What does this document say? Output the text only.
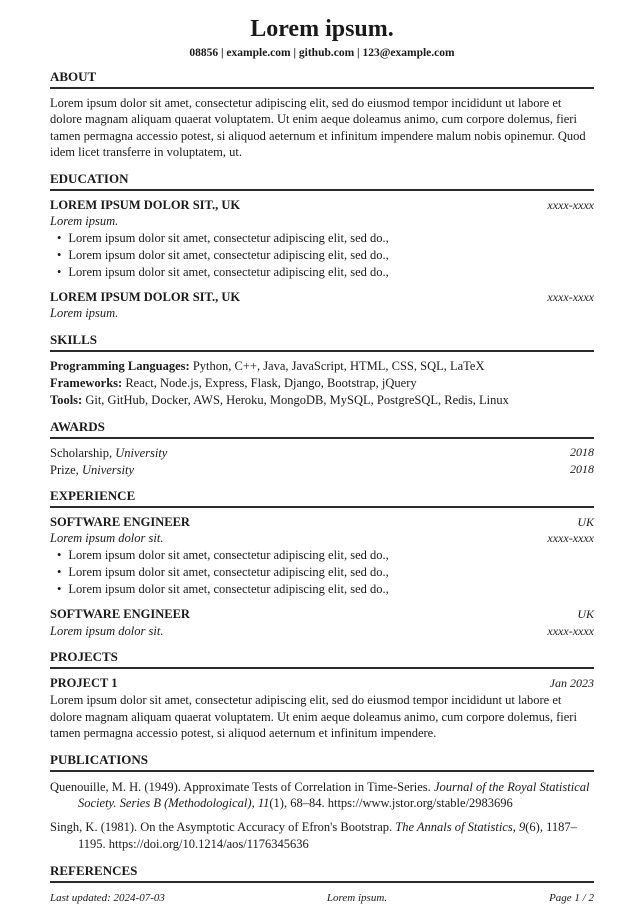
Lorem ipsum.
08856 | example.com | github.com | 123@example.com
ABOUT

Lorem ipsum dolor sit amet, consectetur adipiscing elit, sed do eiusmod tempor incididunt ut labore et dolore magnam aliquam quaerat voluptatem. Ut enim aeque doleamus animo, cum corpore dolemus, fieri tamen permagna accessio potest, si aliquod aeternum et infinitum impendere malum nobis opinemur. Quod idem licet transferre in voluptatem, ut.

EDUCATION
LOREM IPSUM DOLOR SIT., UK	xxxx-xxxx
Lorem ipsum.
• Lorem ipsum dolor sit amet, consectetur adipiscing elit, sed do.,
• Lorem ipsum dolor sit amet, consectetur adipiscing elit, sed do.,
• Lorem ipsum dolor sit amet, consectetur adipiscing elit, sed do.,
LOREM IPSUM DOLOR SIT., UK	xxxx-xxxx
Lorem ipsum.
SKILLS
Programming Languages: Python, C++, Java, JavaScript, HTML, CSS, SQL, LaTeX
Frameworks: React, Node.js, Express, Flask, Django, Bootstrap, jQuery
Tools: Git, GitHub, Docker, AWS, Heroku, MongoDB, MySQL, PostgreSQL, Redis, Linux
AWARDS
Scholarship, University	2018
Prize, University	2018
EXPERIENCE
SOFTWARE ENGINEER	UK
Lorem ipsum dolor sit.	xxxx-xxxx
• Lorem ipsum dolor sit amet, consectetur adipiscing elit, sed do.,
• Lorem ipsum dolor sit amet, consectetur adipiscing elit, sed do.,
• Lorem ipsum dolor sit amet, consectetur adipiscing elit, sed do.,
SOFTWARE ENGINEER	UK
Lorem ipsum dolor sit.	xxxx-xxxx
PROJECTS
PROJECT 1	Jan 2023

Lorem ipsum dolor sit amet, consectetur adipiscing elit, sed do eiusmod tempor incididunt ut labore et dolore magnam aliquam quaerat voluptatem. Ut enim aeque doleamus animo, cum corpore dolemus, fieri tamen permagna accessio potest, si aliquod aeternum et infinitum impendere.

PUBLICATIONS

Quenouille, M. H. (1949). Approximate Tests of Correlation in Time-Series. Journal of the Royal Statistical Society. Series B (Methodological), 11(1), 68–84. https://www.jstor.org/stable/2983696

Singh, K. (1981). On the Asymptotic Accuracy of Efron's Bootstrap. The Annals of Statistics, 9(6), 1187–1195. https://doi.org/10.1214/aos/1176345636

REFERENCES
Last updated: 2024-07-03	Lorem ipsum.	Page 1 / 2
